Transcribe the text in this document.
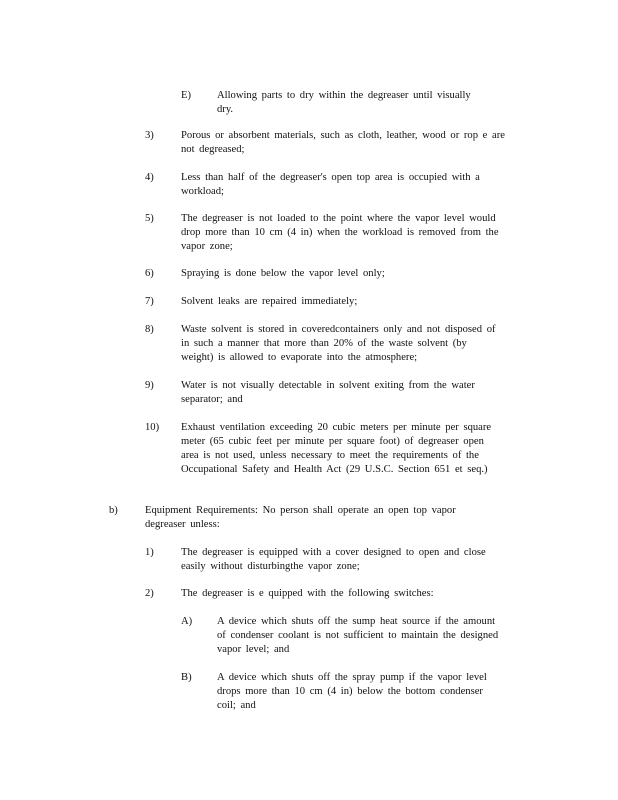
E) Allowing parts to dry within the degreaser until visually dry.
3)	Porous or absorbent materials, such as cloth, leather, wood or rop e are not degreased;
4)	Less than half of the degreaser's open top area is occupied with a workload;
5)	The degreaser is not loaded to the point where the vapor level would drop more than 10 cm (4 in) when the workload is removed from the vapor zone;
6)	Spraying is done below the vapor level only;
7)	Solvent leaks are repaired immediately;
8)	Waste solvent is stored in coveredcontainers only and not disposed of in such a manner that more than 20% of the waste solvent (by weight) is allowed to evaporate into the atmosphere;
9)	Water is not visually detectable in solvent exiting from the water separator; and
10) Exhaust ventilation exceeding 20 cubic meters per minute per square meter (65 cubic feet per minute per square foot) of degreaser open area is not used, unless necessary to meet the requirements of the Occupational Safety and Health Act (29 U.S.C. Section 651 et seq.)
b)	Equipment Requirements: No person shall operate an open top vapor degreaser unless:
1)	The degreaser is equipped with a cover designed to open and close easily without disturbingthe vapor zone;
2)	The degreaser is e quipped with the following switches:
A) A device which shuts off the sump heat source if the amount of condenser coolant is not sufficient to maintain the designed vapor level; and
B) A device which shuts off the spray pump if the vapor level drops more than 10 cm (4 in) below the bottom condenser coil; and
